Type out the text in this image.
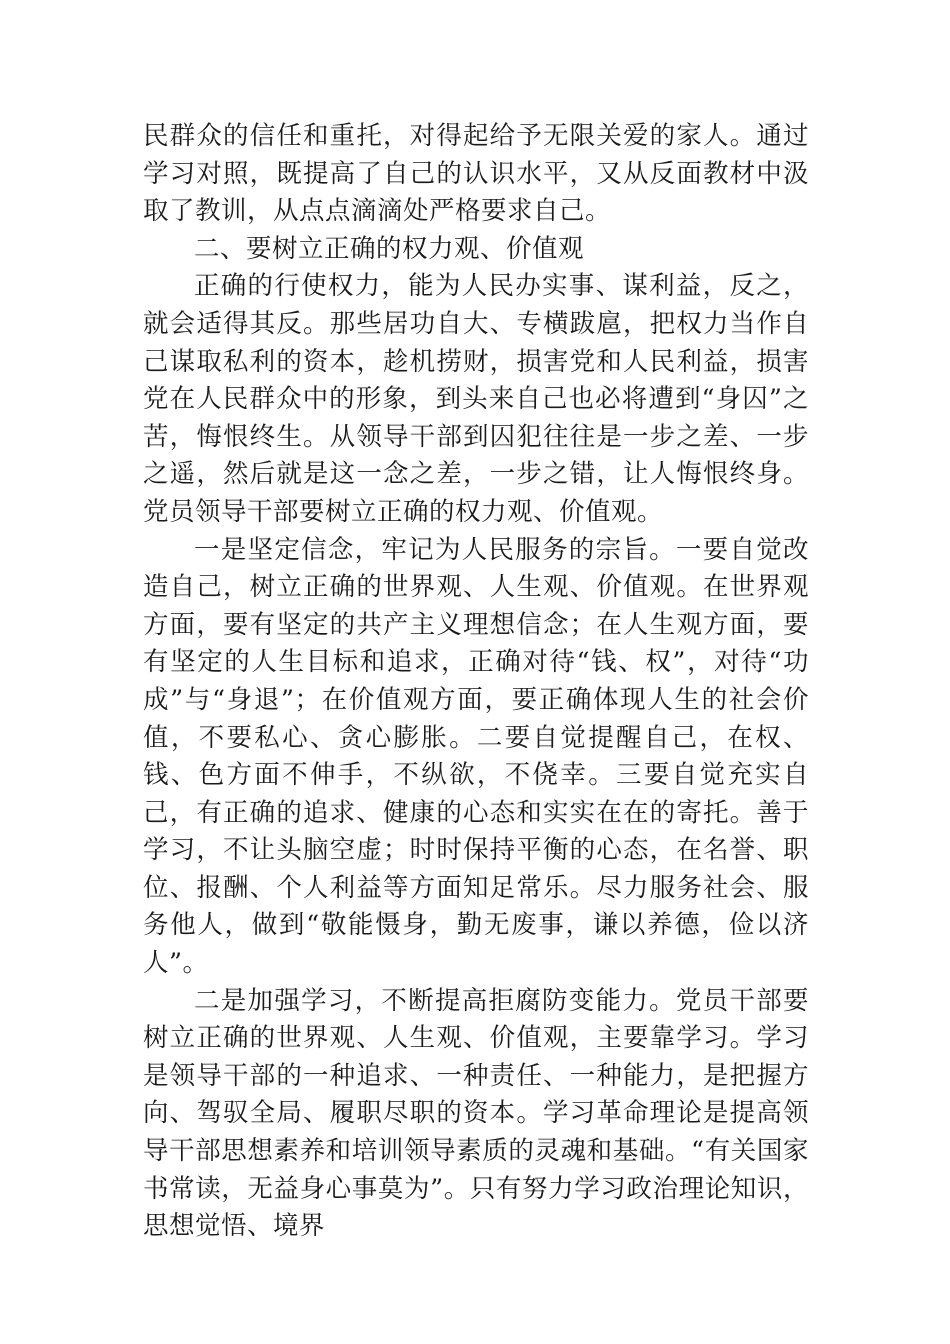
民群众的信任和重托，对得起给予无限关爱的家人。通过学习对照，既提高了自己的认识水平，又从反面教材中汲取了教训，从点点滴滴处严格要求自己。

二、要树立正确的权力观、价值观

正确的行使权力，能为人民办实事、谋利益，反之，就会适得其反。那些居功自大、专横跋扈，把权力当作自己谋取私利的资本，趁机捞财，损害党和人民利益，损害党在人民群众中的形象，到头来自己也必将遭到“身囚”之苦，悔恨终生。从领导干部到囚犯往往是一步之差、一步之遥，然后就是这一念之差，一步之错，让人悔恨终身。党员领导干部要树立正确的权力观、价值观。

一是坚定信念，牢记为人民服务的宗旨。一要自觉改造自己，树立正确的世界观、人生观、价值观。在世界观方面，要有坚定的共产主义理想信念；在人生观方面，要有坚定的人生目标和追求，正确对待“钱、权”，对待“功成”与“身退”；在价值观方面，要正确体现人生的社会价值，不要私心、贪心膨胀。二要自觉提醒自己，在权、钱、色方面不伸手，不纵欲，不侥幸。三要自觉充实自己，有正确的追求、健康的心态和实实在在的寄托。善于学习，不让头脑空虚；时时保持平衡的心态，在名誉、职位、报酬、个人利益等方面知足常乐。尽力服务社会、服务他人，做到“敬能慑身，勤无废事，谦以养德，俭以济人”。

二是加强学习，不断提高拒腐防变能力。党员干部要树立正确的世界观、人生观、价值观，主要靠学习。学习是领导干部的一种追求、一种责任、一种能力，是把握方向、驾驭全局、履职尽职的资本。学习革命理论是提高领导干部思想素养和培训领导素质的灵魂和基础。“有关国家书常读，无益身心事莫为”。只有努力学习政治理论知识，思想觉悟、境界
